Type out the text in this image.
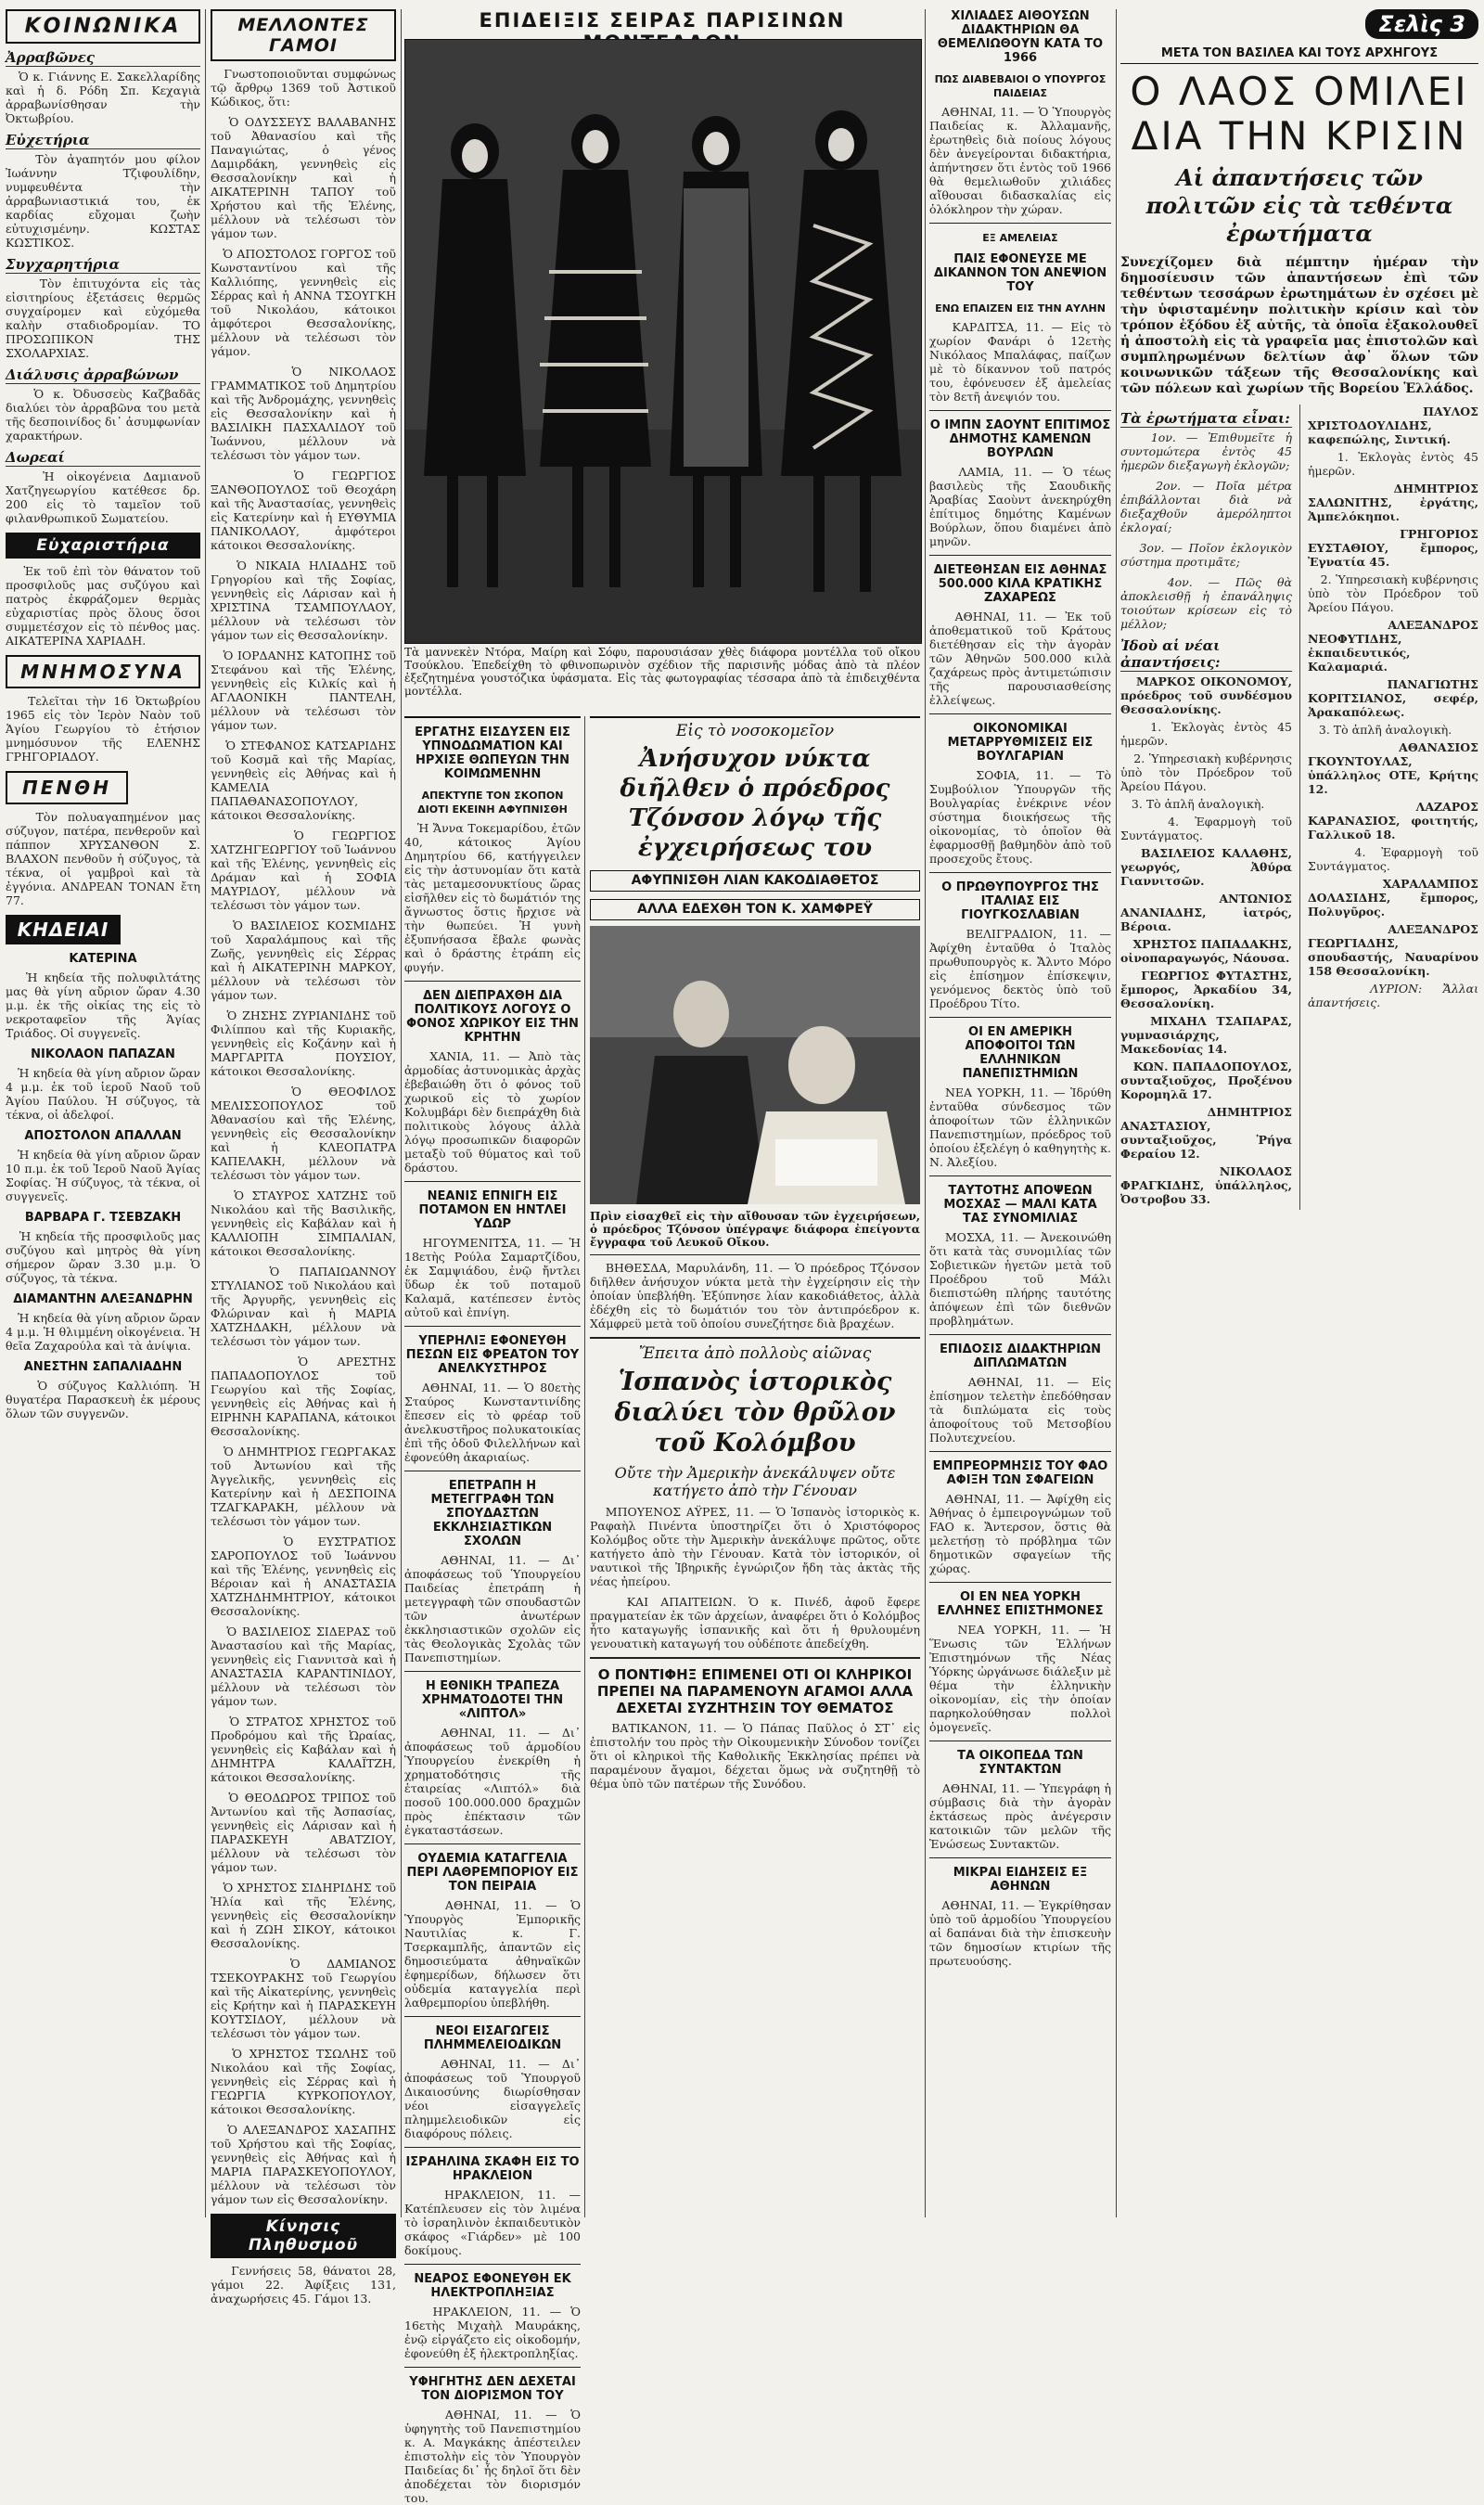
ΚΟΙΝΩΝΙΚΑ
Ἀρραβῶνες

Ὁ κ. Γιάννης Ε. Σακελλαρίδης καὶ ἡ δ. Ρόδη Σπ. Κεχαγιὰ ἀρραβωνίσθησαν τὴν Ὀκτωβρίου.

Εὐχετήρια

Τὸν ἀγαπητόν μου φίλον Ἰωάννην Τζιφουλίδην, νυμφευθέντα τὴν ἀρραβωνιαστικιά του, ἐκ καρδίας εὔχομαι ζωὴν εὐτυχισμένην. ΚΩΣΤΑΣ ΚΩΣΤΙΚΟΣ.

Συγχαρητήρια

Τὸν ἐπιτυχόντα εἰς τὰς εἰσιτηρίους ἐξετάσεις θερμῶς συγχαίρομεν καὶ εὐχόμεθα καλὴν σταδιοδρομίαν. ΤΟ ΠΡΟΣΩΠΙΚΟΝ ΤΗΣ ΣΧΟΛΑΡΧΙΑΣ.

Διάλυσις ἀρραβώνων

Ὁ κ. Ὀδυσσεὺς Καζβαδᾶς διαλύει τὸν ἀρραβῶνα του μετὰ τῆς δεσποινίδος δι᾽ ἀσυμφωνίαν χαρακτήρων.

Δωρεαί

Ἡ οἰκογένεια Δαμιανοῦ Χατζηγεωργίου κατέθεσε δρ. 200 εἰς τὸ ταμεῖον τοῦ φιλανθρωπικοῦ Σωματείου.

Εὐχαριστήρια

Ἐκ τοῦ ἐπὶ τὸν θάνατον τοῦ προσφιλοῦς μας συζύγου καὶ πατρὸς ἐκφράζομεν θερμὰς εὐχαριστίας πρὸς ὅλους ὅσοι συμμετέσχον εἰς τὸ πένθος μας. ΑΙΚΑΤΕΡΙΝΑ ΧΑΡΙΑΔΗ.

ΜΝΗΜΟΣΥΝΑ

Τελεῖται τὴν 16 Ὀκτωβρίου 1965 εἰς τὸν Ἱερὸν Ναὸν τοῦ Ἁγίου Γεωργίου τὸ ἐτήσιον μνημόσυνον τῆς ΕΛΕΝΗΣ ΓΡΗΓΟΡΙΑΔΟΥ.

ΠΕΝΘΗ

Τὸν πολυαγαπημένον μας σύζυγον, πατέρα, πενθεροῦν καὶ πάππον ΧΡΥΣΑΝΘΟΝ Σ. ΒΛΑΧΟΝ πενθοῦν ἡ σύζυγος, τὰ τέκνα, οἱ γαμβροὶ καὶ τὰ ἐγγόνια. ΑΝΔΡΕΑΝ ΤΟΝΑΝ ἔτη 77.

ΚΗΔΕΙΑΙ
ΚΑΤΕΡΙΝΑ

Ἡ κηδεία τῆς πολυφιλτάτης μας θὰ γίνη αὔριον ὥραν 4.30 μ.μ. ἐκ τῆς οἰκίας της εἰς τὸ νεκροταφεῖον τῆς Ἁγίας Τριάδος. Οἱ συγγενεῖς.

ΝΙΚΟΛΑΟΝ ΠΑΠΑΖΑΝ

Ἡ κηδεία θὰ γίνη αὔριον ὥραν 4 μ.μ. ἐκ τοῦ ἱεροῦ Ναοῦ τοῦ Ἁγίου Παύλου. Ἡ σύζυγος, τὰ τέκνα, οἱ ἀδελφοί.

ΑΠΟΣΤΟΛΟΝ ΑΠΑΛΛΑΝ

Ἡ κηδεία θὰ γίνη αὔριον ὥραν 10 π.μ. ἐκ τοῦ Ἱεροῦ Ναοῦ Ἁγίας Σοφίας. Ἡ σύζυγος, τὰ τέκνα, οἱ συγγενεῖς.

ΒΑΡΒΑΡΑ Γ. ΤΣΕΒΖΑΚΗ

Ἡ κηδεία τῆς προσφιλοῦς μας συζύγου καὶ μητρὸς θὰ γίνη σήμερον ὥραν 3.30 μ.μ. Ὁ σύζυγος, τὰ τέκνα.

ΔΙΑΜΑΝΤΗΝ ΑΛΕΞΑΝΔΡΗΝ

Ἡ κηδεία θὰ γίνη αὔριον ὥραν 4 μ.μ. Ἡ θλιμμένη οἰκογένεια. Ἡ θεῖα Ζαχαρούλα καὶ τὰ ἀνίψια.

ΑΝΕΣΤΗΝ ΣΑΠΑΛΙΑΔΗΝ

Ὁ σύζυγος Καλλιόπη. Ἡ θυγατέρα Παρασκευὴ ἐκ μέρους ὅλων τῶν συγγενῶν.

ΜΕΛΛΟΝΤΕΣ ΓΑΜΟΙ

Γνωστοποιοῦνται συμφώνως τῷ ἄρθρῳ 1369 τοῦ Ἀστικοῦ Κώδικος, ὅτι:

Ὁ ΟΔΥΣΣΕΥΣ ΒΑΛΑΒΑΝΗΣ τοῦ Ἀθανασίου καὶ τῆς Παναγιώτας, ὁ γένος Δαμιρδάκη, γεννηθεὶς εἰς Θεσσαλονίκην καὶ ἡ ΑΙΚΑΤΕΡΙΝΗ ΤΑΠΟΥ τοῦ Χρήστου καὶ τῆς Ἑλένης, μέλλουν νὰ τελέσωσι τὸν γάμον των.

Ὁ ΑΠΟΣΤΟΛΟΣ ΓΟΡΓΟΣ τοῦ Κωνσταντίνου καὶ τῆς Καλλιόπης, γεννηθεὶς εἰς Σέρρας καὶ ἡ ΑΝΝΑ ΤΣΟΥΓΚΗ τοῦ Νικολάου, κάτοικοι ἀμφότεροι Θεσσαλονίκης, μέλλουν νὰ τελέσωσι τὸν γάμον.

Ὁ ΝΙΚΟΛΑΟΣ ΓΡΑΜΜΑΤΙΚΟΣ τοῦ Δημητρίου καὶ τῆς Ἀνδρομάχης, γεννηθεὶς εἰς Θεσσαλονίκην καὶ ἡ ΒΑΣΙΛΙΚΗ ΠΑΣΧΑΛΙΔΟΥ τοῦ Ἰωάννου, μέλλουν νὰ τελέσωσι τὸν γάμον των.

Ὁ ΓΕΩΡΓΙΟΣ ΞΑΝΘΟΠΟΥΛΟΣ τοῦ Θεοχάρη καὶ τῆς Ἀναστασίας, γεννηθεὶς εἰς Κατερίνην καὶ ἡ ΕΥΘΥΜΙΑ ΠΑΝΙΚΟΛΑΟΥ, ἀμφότεροι κάτοικοι Θεσσαλονίκης.

Ὁ ΝΙΚΑΙΑ ΗΛΙΑΔΗΣ τοῦ Γρηγορίου καὶ τῆς Σοφίας, γεννηθεὶς εἰς Λάρισαν καὶ ἡ ΧΡΙΣΤΙΝΑ ΤΣΑΜΠΟΥΛΑΟΥ, μέλλουν νὰ τελέσωσι τὸν γάμον των εἰς Θεσσαλονίκην.

Ὁ ΙΟΡΔΑΝΗΣ ΚΑΤΟΠΗΣ τοῦ Στεφάνου καὶ τῆς Ἑλένης, γεννηθεὶς εἰς Κιλκίς καὶ ἡ ΑΓΛΑΟΝΙΚΗ ΠΑΝΤΕΛΗ, μέλλουν νὰ τελέσωσι τὸν γάμον των.

Ὁ ΣΤΕΦΑΝΟΣ ΚΑΤΣΑΡΙΔΗΣ τοῦ Κοσμᾶ καὶ τῆς Μαρίας, γεννηθεὶς εἰς Ἀθήνας καὶ ἡ ΚΑΜΕΛΙΑ ΠΑΠΑΘΑΝΑΣΟΠΟΥΛΟΥ, κάτοικοι Θεσσαλονίκης.

Ὁ ΓΕΩΡΓΙΟΣ ΧΑΤΖΗΓΕΩΡΓΙΟΥ τοῦ Ἰωάννου καὶ τῆς Ἑλένης, γεννηθεὶς εἰς Δράμαν καὶ ἡ ΣΟΦΙΑ ΜΑΥΡΙΔΟΥ, μέλλουν νὰ τελέσωσι τὸν γάμον των.

Ὁ ΒΑΣΙΛΕΙΟΣ ΚΟΣΜΙΔΗΣ τοῦ Χαραλάμπους καὶ τῆς Ζωῆς, γεννηθεὶς εἰς Σέρρας καὶ ἡ ΑΙΚΑΤΕΡΙΝΗ ΜΑΡΚΟΥ, μέλλουν νὰ τελέσωσι τὸν γάμον των.

Ὁ ΖΗΣΗΣ ΖΥΡΙΑΝΙΔΗΣ τοῦ Φιλίππου καὶ τῆς Κυριακῆς, γεννηθεὶς εἰς Κοζάνην καὶ ἡ ΜΑΡΓΑΡΙΤΑ ΠΟΥΣΙΟΥ, κάτοικοι Θεσσαλονίκης.

Ὁ ΘΕΟΦΙΛΟΣ ΜΕΛΙΣΣΟΠΟΥΛΟΣ τοῦ Ἀθανασίου καὶ τῆς Ἑλένης, γεννηθεὶς εἰς Θεσσαλονίκην καὶ ἡ ΚΛΕΟΠΑΤΡΑ ΚΑΠΕΛΑΚΗ, μέλλουν νὰ τελέσωσι τὸν γάμον των.

Ὁ ΣΤΑΥΡΟΣ ΧΑΤΖΗΣ τοῦ Νικολάου καὶ τῆς Βασιλικῆς, γεννηθεὶς εἰς Καβάλαν καὶ ἡ ΚΑΛΛΙΟΠΗ ΣΙΜΠΑΛΙΑΝ, κάτοικοι Θεσσαλονίκης.

Ὁ ΠΑΠΑΙΩΑΝΝΟΥ ΣΤΥΛΙΑΝΟΣ τοῦ Νικολάου καὶ τῆς Ἀργυρῆς, γεννηθεὶς εἰς Φλώριναν καὶ ἡ ΜΑΡΙΑ ΧΑΤΖΗΔΑΚΗ, μέλλουν νὰ τελέσωσι τὸν γάμον των.

Ὁ ΑΡΕΣΤΗΣ ΠΑΠΑΔΟΠΟΥΛΟΣ τοῦ Γεωργίου καὶ τῆς Σοφίας, γεννηθεὶς εἰς Ἀθήνας καὶ ἡ ΕΙΡΗΝΗ ΚΑΡΑΠΑΝΑ, κάτοικοι Θεσσαλονίκης.

Ὁ ΔΗΜΗΤΡΙΟΣ ΓΕΩΡΓΑΚΑΣ τοῦ Ἀντωνίου καὶ τῆς Ἀγγελικῆς, γεννηθεὶς εἰς Κατερίνην καὶ ἡ ΔΕΣΠΟΙΝΑ ΤΖΑΓΚΑΡΑΚΗ, μέλλουν νὰ τελέσωσι τὸν γάμον των.

Ὁ ΕΥΣΤΡΑΤΙΟΣ ΣΑΡΟΠΟΥΛΟΣ τοῦ Ἰωάννου καὶ τῆς Ἑλένης, γεννηθεὶς εἰς Βέροιαν καὶ ἡ ΑΝΑΣΤΑΣΙΑ ΧΑΤΖΗΔΗΜΗΤΡΙΟΥ, κάτοικοι Θεσσαλονίκης.

Ὁ ΒΑΣΙΛΕΙΟΣ ΣΙΔΕΡΑΣ τοῦ Ἀναστασίου καὶ τῆς Μαρίας, γεννηθεὶς εἰς Γιαννιτσὰ καὶ ἡ ΑΝΑΣΤΑΣΙΑ ΚΑΡΑΝΤΙΝΙΔΟΥ, μέλλουν νὰ τελέσωσι τὸν γάμον των.

Ὁ ΣΤΡΑΤΟΣ ΧΡΗΣΤΟΣ τοῦ Προδρόμου καὶ τῆς Ὠραίας, γεννηθεὶς εἰς Καβάλαν καὶ ἡ ΔΗΜΗΤΡΑ ΚΑΛΑΪΤΖΗ, κάτοικοι Θεσσαλονίκης.

Ὁ ΘΕΟΔΩΡΟΣ ΤΡΙΠΟΣ τοῦ Ἀντωνίου καὶ τῆς Ἀσπασίας, γεννηθεὶς εἰς Λάρισαν καὶ ἡ ΠΑΡΑΣΚΕΥΗ ΑΒΑΤΖΙΟΥ, μέλλουν νὰ τελέσωσι τὸν γάμον των.

Ὁ ΧΡΗΣΤΟΣ ΣΙΔΗΡΙΔΗΣ τοῦ Ἠλία καὶ τῆς Ἑλένης, γεννηθεὶς εἰς Θεσσαλονίκην καὶ ἡ ΖΩΗ ΣΙΚΟΥ, κάτοικοι Θεσσαλονίκης.

Ὁ ΔΑΜΙΑΝΟΣ ΤΣΕΚΟΥΡΑΚΗΣ τοῦ Γεωργίου καὶ τῆς Αἰκατερίνης, γεννηθεὶς εἰς Κρήτην καὶ ἡ ΠΑΡΑΣΚΕΥΗ ΚΟΥΤΣΙΔΟΥ, μέλλουν νὰ τελέσωσι τὸν γάμον των.

Ὁ ΧΡΗΣΤΟΣ ΤΣΩΛΗΣ τοῦ Νικολάου καὶ τῆς Σοφίας, γεννηθεὶς εἰς Σέρρας καὶ ἡ ΓΕΩΡΓΙΑ ΚΥΡΚΟΠΟΥΛΟΥ, κάτοικοι Θεσσαλονίκης.

Ὁ ΑΛΕΞΑΝΔΡΟΣ ΧΑΣΑΠΗΣ τοῦ Χρήστου καὶ τῆς Σοφίας, γεννηθεὶς εἰς Ἀθήνας καὶ ἡ ΜΑΡΙΑ ΠΑΡΑΣΚΕΥΟΠΟΥΛΟΥ, μέλλουν νὰ τελέσωσι τὸν γάμον των εἰς Θεσσαλονίκην.

Κίνησις Πληθυσμοῦ

Γεννήσεις 58, θάνατοι 28, γάμοι 22. Ἀφίξεις 131, ἀναχωρήσεις 45. Γάμοι 13.

ΕΠΙΔΕΙΞΙΣ ΣΕΙΡΑΣ ΠΑΡΙΣΙΝΩΝ
Τὰ μαννεκὲν Ντόρα, Μαίρη καὶ Σόφυ, παρουσιάσαν χθὲς διάφορα μοντέλλα τοῦ οἴκου Τσούκλου. Ἐπεδείχθη τὸ φθινοπωρινὸν σχέδιον τῆς παρισινῆς μόδας ἀπὸ τὰ πλέον ἐξεζητημένα γουστόζικα ὑφάσματα. Εἰς τὰς φωτογραφίας τέσσαρα ἀπὸ τὰ ἐπιδειχθέντα μοντέλλα.
ΕΡΓΑΤΗΣ ΕΙΣΔΥΣΕΝ ΕΙΣ ΥΠΝΟΔΩΜΑΤΙΟΝ ΚΑΙ ΗΡΧΙΣΕ ΘΩΠΕΥΩΝ ΤΗΝ ΚΟΙΜΩΜΕΝΗΝ
ΑΠΕΚΤΥΠΕ ΤΟΝ ΣΚΟΠΟΝ ΔΙΟΤΙ ΕΚΕΙΝΗ ΑΦΥΠΝΙΣΘΗ

Ἡ Ἄννα Τοκεμαρίδου, ἐτῶν 40, κάτοικος Ἁγίου Δημητρίου 66, κατήγγειλεν εἰς τὴν ἀστυνομίαν ὅτι κατὰ τὰς μεταμεσονυκτίους ὥρας εἰσῆλθεν εἰς τὸ δωμάτιόν της ἄγνωστος ὅστις ἤρχισε νὰ τὴν θωπεύει. Ἡ γυνὴ ἐξυπνήσασα ἔβαλε φωνὰς καὶ ὁ δράστης ἐτράπη εἰς φυγήν.

ΔΕΝ ΔΙΕΠΡΑΧΘΗ ΔΙΑ ΠΟΛΙΤΙΚΟΥΣ ΛΟΓΟΥΣ Ο ΦΟΝΟΣ ΧΩΡΙΚΟΥ ΕΙΣ ΤΗΝ ΚΡΗΤΗΝ

ΧΑΝΙΑ, 11. — Ἀπὸ τὰς ἀρμοδίας ἀστυνομικὰς ἀρχὰς ἐβεβαιώθη ὅτι ὁ φόνος τοῦ χωρικοῦ εἰς τὸ χωρίον Κολυμβάρι δὲν διεπράχθη διὰ πολιτικοὺς λόγους ἀλλὰ λόγῳ προσωπικῶν διαφορῶν μεταξὺ τοῦ θύματος καὶ τοῦ δράστου.

ΝΕΑΝΙΣ ΕΠΝΙΓΗ ΕΙΣ ΠΟΤΑΜΟΝ ΕΝ ΗΝΤΛΕΙ ΥΔΩΡ

ΗΓΟΥΜΕΝΙΤΣΑ, 11. — Ἡ 18ετὴς Ρούλα Σαμαρτζίδου, ἐκ Σαμψιάδου, ἐνῷ ἤντλει ὕδωρ ἐκ τοῦ ποταμοῦ Καλαμᾶ, κατέπεσεν ἐντὸς αὐτοῦ καὶ ἐπνίγη.

ΥΠΕΡΗΛΙΞ ΕΦΟΝΕΥΘΗ ΠΕΣΩΝ ΕΙΣ ΦΡΕΑΤΟΝ ΤΟΥ ΑΝΕΛΚΥΣΤΗΡΟΣ

ΑΘΗΝΑΙ, 11. — Ὁ 80ετὴς Σταύρος Κωνσταντινίδης ἔπεσεν εἰς τὸ φρέαρ τοῦ ἀνελκυστῆρος πολυκατοικίας ἐπὶ τῆς ὁδοῦ Φιλελλήνων καὶ ἐφονεύθη ἀκαριαίως.

ΕΠΕΤΡΑΠΗ Η ΜΕΤΕΓΓΡΑΦΗ ΤΩΝ ΣΠΟΥΔΑΣΤΩΝ ΕΚΚΛΗΣΙΑΣΤΙΚΩΝ ΣΧΟΛΩΝ

ΑΘΗΝΑΙ, 11. — Δι᾽ ἀποφάσεως τοῦ Ὑπουργείου Παιδείας ἐπετράπη ἡ μετεγγραφὴ τῶν σπουδαστῶν τῶν ἀνωτέρων ἐκκλησιαστικῶν σχολῶν εἰς τὰς Θεολογικὰς Σχολὰς τῶν Πανεπιστημίων.

Η ΕΘΝΙΚΗ ΤΡΑΠΕΖΑ ΧΡΗΜΑΤΟΔΟΤΕΙ ΤΗΝ «ΛΙΠΤΟΛ»

ΑΘΗΝΑΙ, 11. — Δι᾽ ἀποφάσεως τοῦ ἁρμοδίου Ὑπουργείου ἐνεκρίθη ἡ χρηματοδότησις τῆς ἐταιρείας «Λιπτόλ» διὰ ποσοῦ 100.000.000 δραχμῶν πρὸς ἐπέκτασιν τῶν ἐγκαταστάσεων.

ΟΥΔΕΜΙΑ ΚΑΤΑΓΓΕΛΙΑ ΠΕΡΙ ΛΑΘΡΕΜΠΟΡΙΟΥ ΕΙΣ ΤΟΝ ΠΕΙΡΑΙΑ

ΑΘΗΝΑΙ, 11. — Ὁ Ὑπουργὸς Ἐμπορικῆς Ναυτιλίας κ. Γ. Τσερκαμπλῆς, ἀπαντῶν εἰς δημοσιεύματα ἀθηναϊκῶν ἐφημερίδων, δήλωσεν ὅτι οὐδεμία καταγγελία περὶ λαθρεμπορίου ὑπεβλήθη.

ΝΕΟΙ ΕΙΣΑΓΩΓΕΙΣ ΠΛΗΜΜΕΛΕΙΟΔΙΚΩΝ

ΑΘΗΝΑΙ, 11. — Δι᾽ ἀποφάσεως τοῦ Ὑπουργοῦ Δικαιοσύνης διωρίσθησαν νέοι εἰσαγγελεῖς πλημμελειοδικῶν εἰς διαφόρους πόλεις.

ΙΣΡΑΗΛΙΝΑ ΣΚΑΦΗ ΕΙΣ ΤΟ ΗΡΑΚΛΕΙΟΝ

ΗΡΑΚΛΕΙΟΝ, 11. — Κατέπλευσεν εἰς τὸν λιμένα τὸ ἰσραηλινὸν ἐκπαιδευτικὸν σκάφος «Γιάρδεν» μὲ 100 δοκίμους.

ΝΕΑΡΟΣ ΕΦΟΝΕΥΘΗ ΕΚ ΗΛΕΚΤΡΟΠΛΗΞΙΑΣ

ΗΡΑΚΛΕΙΟΝ, 11. — Ὁ 16ετὴς Μιχαὴλ Μαυράκης, ἐνῷ εἰργάζετο εἰς οἰκοδομήν, ἐφονεύθη ἐξ ἠλεκτροπληξίας.

ΥΦΗΓΗΤΗΣ ΔΕΝ ΔΕΧΕΤΑΙ ΤΟΝ ΔΙΟΡΙΣΜΟΝ ΤΟΥ

ΑΘΗΝΑΙ, 11. — Ὁ ὑφηγητὴς τοῦ Πανεπιστημίου κ. Α. Μαγκάκης ἀπέστειλεν ἐπιστολὴν εἰς τὸν Ὑπουργὸν Παιδείας δι᾽ ἧς δηλοῖ ὅτι δὲν ἀποδέχεται τὸν διορισμόν του.

Εἰς τὸ νοσοκομεῖον
Ἀνήσυχον νύκτα διῆλθεν ὁ πρόεδρος Τζόνσον λόγῳ τῆς ἐγχειρήσεως του
ΑΦΥΠΝΙΣΘΗ ΛΙΑΝ ΚΑΚΟΔΙΑΘΕΤΟΣ
ΑΛΛΑ ΕΔΕΧΘΗ ΤΟΝ Κ. ΧΑΜΦΡΕΫ
Πρὶν εἰσαχθεῖ εἰς τὴν αἴθουσαν τῶν ἐγχειρήσεων, ὁ πρόεδρος Τζόνσον ὑπέγραψε διάφορα ἐπείγοντα ἔγγραφα τοῦ Λευκοῦ Οἴκου.

ΒΗΘΕΣΔΑ, Μαρυλάνδη, 11. — Ὁ πρόεδρος Τζόνσον διῆλθεν ἀνήσυχον νύκτα μετὰ τὴν ἐγχείρησιν εἰς τὴν ὁποίαν ὑπεβλήθη. Ἐξύπνησε λίαν κακοδιάθετος, ἀλλὰ ἐδέχθη εἰς τὸ δωμάτιόν του τὸν ἀντιπρόεδρον κ. Χάμφρεϋ μετὰ τοῦ ὁποίου συνεζήτησε διὰ βραχέων.

Ἔπειτα ἀπὸ πολλοὺς αἰῶνας
Ἱσπανὸς ἱστορικὸς διαλύει τὸν θρῦλον τοῦ Κολόμβου
Οὔτε τὴν Ἀμερικὴν ἀνεκάλυψεν οὔτε κατήγετο ἀπὸ τὴν Γένουαν

ΜΠΟΥΕΝΟΣ ΑΫΡΕΣ, 11. — Ὁ Ἱσπανὸς ἱστορικὸς κ. Ραφαὴλ Πινέντα ὑποστηρίζει ὅτι ὁ Χριστόφορος Κολόμβος οὔτε τὴν Ἀμερικὴν ἀνεκάλυψε πρῶτος, οὔτε κατήγετο ἀπὸ τὴν Γένουαν. Κατὰ τὸν ἱστορικόν, οἱ ναυτικοὶ τῆς Ἰβηρικῆς ἐγνώριζον ἤδη τὰς ἀκτὰς τῆς νέας ἠπείρου.

ΚΑΙ ΑΠΑΙΤΕΙΩΝ. Ὁ κ. Πινέδ, ἀφοῦ ἔφερε πραγματείαν ἐκ τῶν ἀρχείων, ἀναφέρει ὅτι ὁ Κολόμβος ἦτο καταγωγῆς ἰσπανικῆς καὶ ὅτι ἡ θρυλουμένη γενουατικὴ καταγωγή του οὐδέποτε ἀπεδείχθη.

Ο ΠΟΝΤΙΦΗΞ ΕΠΙΜΕΝΕΙ ΟΤΙ ΟΙ ΚΛΗΡΙΚΟΙ ΠΡΕΠΕΙ ΝΑ ΠΑΡΑΜΕΝΟΥΝ ΑΓΑΜΟΙ ΑΛΛΑ ΔΕΧΕΤΑΙ ΣΥΖΗΤΗΣΙΝ ΤΟΥ ΘΕΜΑΤΟΣ

ΒΑΤΙΚΑΝΟΝ, 11. — Ὁ Πάπας Παῦλος ὁ ΣΤ᾽ εἰς ἐπιστολήν του πρὸς τὴν Οἰκουμενικὴν Σύνοδον τονίζει ὅτι οἱ κληρικοὶ τῆς Καθολικῆς Ἐκκλησίας πρέπει νὰ παραμένουν ἄγαμοι, δέχεται ὅμως νὰ συζητηθῇ τὸ θέμα ὑπὸ τῶν πατέρων τῆς Συνόδου.

ΧΙΛΙΑΔΕΣ ΑΙΘΟΥΣΩΝ ΔΙΔΑΚΤΗΡΙΩΝ ΘΑ ΘΕΜΕΛΙΩΘΟΥΝ ΚΑΤΑ ΤΟ 1966
ΠΩΣ ΔΙΑΒΕΒΑΙΟΙ Ο ΥΠΟΥΡΓΟΣ ΠΑΙΔΕΙΑΣ

ΑΘΗΝΑΙ, 11. — Ὁ Ὑπουργὸς Παιδείας κ. Ἀλλαμανῆς, ἐρωτηθεὶς διὰ ποίους λόγους δὲν ἀνεγείρονται διδακτήρια, ἀπήντησεν ὅτι ἐντὸς τοῦ 1966 θὰ θεμελιωθοῦν χιλιάδες αἴθουσαι διδασκαλίας εἰς ὁλόκληρον τὴν χώραν.

ΕΞ ΑΜΕΛΕΙΑΣ
ΠΑΙΣ ΕΦΟΝΕΥΣΕ ΜΕ ΔΙΚΑΝΝΟΝ ΤΟΝ ΑΝΕΨΙΟΝ ΤΟΥ
ΕΝΩ ΕΠΑΙΖΕΝ ΕΙΣ ΤΗΝ ΑΥΛΗΝ

ΚΑΡΔΙΤΣΑ, 11. — Εἰς τὸ χωρίον Φανάρι ὁ 12ετὴς Νικόλαος Μπαλάφας, παίζων μὲ τὸ δίκαννον τοῦ πατρός του, ἐφόνευσεν ἐξ ἀμελείας τὸν 8ετῆ ἀνεψιόν του.

Ο ΙΜΠΝ ΣΑΟΥΝΤ ΕΠΙΤΙΜΟΣ ΔΗΜΟΤΗΣ ΚΑΜΕΝΩΝ ΒΟΥΡΛΩΝ

ΛΑΜΙΑ, 11. — Ὁ τέως βασιλεὺς τῆς Σαουδικῆς Ἀραβίας Σαοὺντ ἀνεκηρύχθη ἐπίτιμος δημότης Καμένων Βούρλων, ὅπου διαμένει ἀπὸ μηνῶν.

ΔΙΕΤΕΘΗΣΑΝ ΕΙΣ ΑΘΗΝΑΣ 500.000 ΚΙΛΑ ΚΡΑΤΙΚΗΣ ΖΑΧΑΡΕΩΣ

ΑΘΗΝΑΙ, 11. — Ἐκ τοῦ ἀποθεματικοῦ τοῦ Κράτους διετέθησαν εἰς τὴν ἀγορὰν τῶν Ἀθηνῶν 500.000 κιλὰ ζαχάρεως πρὸς ἀντιμετώπισιν τῆς παρουσιασθείσης ἐλλείψεως.

ΟΙΚΟΝΟΜΙΚΑΙ ΜΕΤΑΡΡΥΘΜΙΣΕΙΣ ΕΙΣ ΒΟΥΛΓΑΡΙΑΝ

ΣΟΦΙΑ, 11. — Τὸ Συμβούλιον Ὑπουργῶν τῆς Βουλγαρίας ἐνέκρινε νέον σύστημα διοικήσεως τῆς οἰκονομίας, τὸ ὁποῖον θὰ ἐφαρμοσθῇ βαθμηδὸν ἀπὸ τοῦ προσεχοῦς ἔτους.

Ο ΠΡΩΘΥΠΟΥΡΓΟΣ ΤΗΣ ΙΤΑΛΙΑΣ ΕΙΣ ΓΙΟΥΓΚΟΣΛΑΒΙΑΝ

ΒΕΛΙΓΡΑΔΙΟΝ, 11. — Ἀφίχθη ἐνταῦθα ὁ Ἰταλὸς πρωθυπουργὸς κ. Ἄλντο Μόρο εἰς ἐπίσημον ἐπίσκεψιν, γενόμενος δεκτὸς ὑπὸ τοῦ Προέδρου Τίτο.

ΟΙ ΕΝ ΑΜΕΡΙΚΗ ΑΠΟΦΟΙΤΟΙ ΤΩΝ ΕΛΛΗΝΙΚΩΝ ΠΑΝΕΠΙΣΤΗΜΙΩΝ

ΝΕΑ ΥΟΡΚΗ, 11. — Ἱδρύθη ἐνταῦθα σύνδεσμος τῶν ἀποφοίτων τῶν ἑλληνικῶν Πανεπιστημίων, πρόεδρος τοῦ ὁποίου ἐξελέγη ὁ καθηγητὴς κ. Ν. Ἀλεξίου.

ΤΑΥΤΟΤΗΣ ΑΠΟΨΕΩΝ ΜΟΣΧΑΣ — ΜΑΛΙ ΚΑΤΑ ΤΑΣ ΣΥΝΟΜΙΛΙΑΣ

ΜΟΣΧΑ, 11. — Ἀνεκοινώθη ὅτι κατὰ τὰς συνομιλίας τῶν Σοβιετικῶν ἡγετῶν μετὰ τοῦ Προέδρου τοῦ Μάλι διεπιστώθη πλήρης ταυτότης ἀπόψεων ἐπὶ τῶν διεθνῶν προβλημάτων.

ΕΠΙΔΟΣΙΣ ΔΙΔΑΚΤΗΡΙΩΝ ΔΙΠΛΩΜΑΤΩΝ

ΑΘΗΝΑΙ, 11. — Εἰς ἐπίσημον τελετὴν ἐπεδόθησαν τὰ διπλώματα εἰς τοὺς ἀποφοίτους τοῦ Μετσοβίου Πολυτεχνείου.

ΕΜΠΡΕΟΡΜΗΣΙΣ ΤΟΥ ΦΑΟ ΑΦΙΞΗ ΤΩΝ ΣΦΑΓΕΙΩΝ

ΑΘΗΝΑΙ, 11. — Ἀφίχθη εἰς Ἀθήνας ὁ ἐμπειρογνώμων τοῦ FAO κ. Ἄντερσον, ὅστις θὰ μελετήσῃ τὸ πρόβλημα τῶν δημοτικῶν σφαγείων τῆς χώρας.

ΟΙ ΕΝ ΝΕΑ ΥΟΡΚΗ ΕΛΛΗΝΕΣ ΕΠΙΣΤΗΜΟΝΕΣ

ΝΕΑ ΥΟΡΚΗ, 11. — Ἡ Ἕνωσις τῶν Ἑλλήνων Ἐπιστημόνων τῆς Νέας Ὑόρκης ὠργάνωσε διάλεξιν μὲ θέμα τὴν ἑλληνικὴν οἰκονομίαν, εἰς τὴν ὁποίαν παρηκολούθησαν πολλοὶ ὁμογενεῖς.

ΤΑ ΟΙΚΟΠΕΔΑ ΤΩΝ ΣΥΝΤΑΚΤΩΝ

ΑΘΗΝΑΙ, 11. — Ὑπεγράφη ἡ σύμβασις διὰ τὴν ἀγορὰν ἐκτάσεως πρὸς ἀνέγερσιν κατοικιῶν τῶν μελῶν τῆς Ἑνώσεως Συντακτῶν.

ΜΙΚΡΑΙ ΕΙΔΗΣΕΙΣ ΕΞ ΑΘΗΝΩΝ

ΑΘΗΝΑΙ, 11. — Ἐγκρίθησαν ὑπὸ τοῦ ἁρμοδίου Ὑπουργείου αἱ δαπάναι διὰ τὴν ἐπισκευὴν τῶν δημοσίων κτιρίων τῆς πρωτευούσης.

Σελὶς 3
ΜΕΤΑ ΤΟΝ ΒΑΣΙΛΕΑ ΚΑΙ ΤΟΥΣ ΑΡΧΗΓΟΥΣ
Ο ΛΑΟΣ ΟΜΙΛΕΙ ΔΙΑ ΤΗΝ ΚΡΙΣΙΝ
Αἱ ἀπαντήσεις τῶν πολιτῶν εἰς τὰ τεθέντα ἐρωτήματα
Συνεχίζομεν διὰ πέμπτην ἡμέραν τὴν δημοσίευσιν τῶν ἀπαντήσεων ἐπὶ τῶν τεθέντων τεσσάρων ἐρωτημάτων ἐν σχέσει μὲ τὴν ὑφισταμένην πολιτικὴν κρίσιν καὶ τὸν τρόπον ἐξόδου ἐξ αὐτῆς, τὰ ὁποῖα ἐξακολουθεῖ ἡ ἀποστολὴ εἰς τὰ γραφεῖα μας ἐπιστολῶν καὶ συμπληρωμένων δελτίων ἀφ᾽ ὅλων τῶν κοινωνικῶν τάξεων τῆς Θεσσαλονίκης καὶ τῶν πόλεων καὶ χωρίων τῆς Βορείου Ἑλλάδος.
Τὰ ἐρωτήματα εἶναι:

1ον. — Ἐπιθυμεῖτε ἡ συντομώτερα ἐντὸς 45 ἡμερῶν διεξαγωγὴ ἐκλογῶν;

2ον. — Ποῖα μέτρα ἐπιβάλλονται διὰ νὰ διεξαχθοῦν ἀμερόληπτοι ἐκλογαί;

3ον. — Ποῖον ἐκλογικὸν σύστημα προτιμᾶτε;

4ον. — Πῶς θὰ ἀποκλεισθῇ ἡ ἐπανάληψις τοιούτων κρίσεων εἰς τὸ μέλλον;

Ἰδοὺ αἱ νέαι ἀπαντήσεις:

ΜΑΡΚΟΣ ΟΙΚΟΝΟΜΟΥ, πρόεδρος τοῦ συνδέσμου Θεσσαλονίκης.

1. Ἐκλογὰς ἐντὸς 45 ἡμερῶν.

2. Ὑπηρεσιακὴ κυβέρνησις ὑπὸ τὸν Πρόεδρον τοῦ Ἀρείου Πάγου.

3. Τὸ ἁπλῆ ἀναλογικὴ.

4. Ἐφαρμογὴ τοῦ Συντάγματος.

ΒΑΣΙΛΕΙΟΣ ΚΑΛΑΘΗΣ, γεωργός, Ἀθύρα Γιαννιτσῶν.

ΑΝΤΩΝΙΟΣ ΑΝΑΝΙΑΔΗΣ, ἰατρός, Βέροια.

ΧΡΗΣΤΟΣ ΠΑΠΑΔΑΚΗΣ, οἰνοπαραγωγός, Νάουσα.

ΓΕΩΡΓΙΟΣ ΦΥΤΑΣΤΗΣ, ἔμπορος, Ἀρκαδίου 34, Θεσσαλονίκη.

ΜΙΧΑΗΛ ΤΣΑΠΑΡΑΣ, γυμνασιάρχης, Μακεδονίας 14.

ΚΩΝ. ΠΑΠΑΔΟΠΟΥΛΟΣ, συνταξιοῦχος, Προξένου Κορομηλᾶ 17.

ΔΗΜΗΤΡΙΟΣ ΑΝΑΣΤΑΣΙΟΥ, συνταξιοῦχος, Ῥήγα Φεραίου 12.

ΝΙΚΟΛΑΟΣ ΦΡΑΓΚΙΔΗΣ, ὑπάλληλος, Ὀστροβου 33.

ΠΑΥΛΟΣ ΧΡΙΣΤΟΔΟΥΛΙΔΗΣ, καφεπώλης, Σιντική.

1. Ἐκλογὰς ἐντὸς 45 ἡμερῶν.

ΔΗΜΗΤΡΙΟΣ ΣΑΛΩΝΙΤΗΣ, ἐργάτης, Ἀμπελόκηποι.

ΓΡΗΓΟΡΙΟΣ ΕΥΣΤΑΘΙΟΥ, ἔμπορος, Ἐγνατία 45.

2. Ὑπηρεσιακὴ κυβέρνησις ὑπὸ τὸν Πρόεδρον τοῦ Ἀρείου Πάγου.

ΑΛΕΞΑΝΔΡΟΣ ΝΕΟΦΥΤΙΔΗΣ, ἐκπαιδευτικός, Καλαμαριά.

ΠΑΝΑΓΙΩΤΗΣ ΚΟΡΙΤΣΙΑΝΟΣ, σεφέρ, Ἀρακαπόλεως.

3. Τὸ ἁπλῆ ἀναλογικὴ.

ΑΘΑΝΑΣΙΟΣ ΓΚΟΥΝΤΟΥΛΑΣ, ὑπάλληλος ΟΤΕ, Κρήτης 12.

ΛΑΖΑΡΟΣ ΚΑΡΑΝΑΣΙΟΣ, φοιτητής, Γαλλικοῦ 18.

4. Ἐφαρμογὴ τοῦ Συντάγματος.

ΧΑΡΑΛΑΜΠΟΣ ΔΟΛΑΣΙΔΗΣ, ἔμπορος, Πολυγῦρος.

ΑΛΕΞΑΝΔΡΟΣ ΓΕΩΡΓΙΑΔΗΣ, σπουδαστής, Ναυαρίνου 158 Θεσσαλονίκη.

ΛΥΡΙΟΝ: Ἄλλαι ἀπαντήσεις.
